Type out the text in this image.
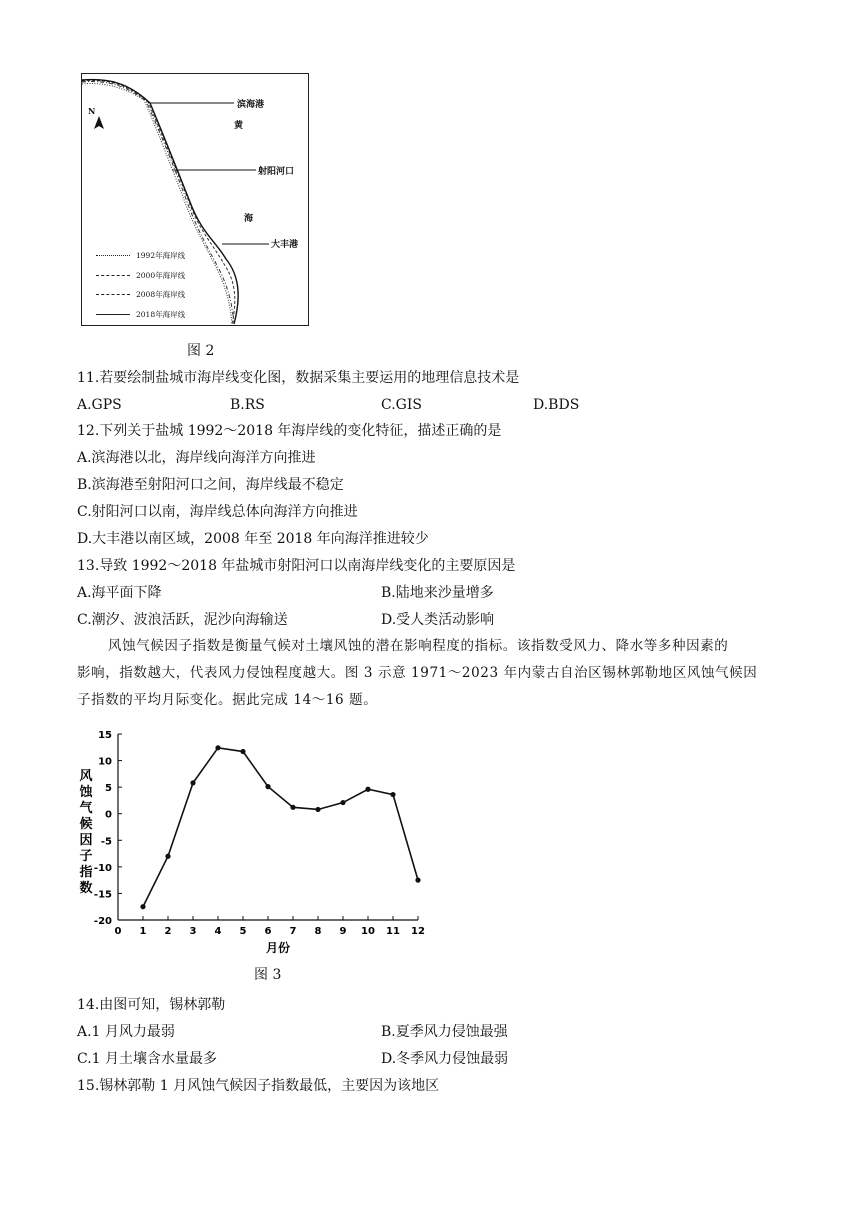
N
滨海港
黄
射阳河口
海
大丰港
1992年海岸线
2000年海岸线
2008年海岸线
2018年海岸线
图 2
11.若要绘制盐城市海岸线变化图，数据采集主要运用的地理信息技术是
A.GPS	B.RS	C.GIS	D.BDS
12.下列关于盐城 1992～2018 年海岸线的变化特征，描述正确的是
A.滨海港以北，海岸线向海洋方向推进
B.滨海港至射阳河口之间，海岸线最不稳定
C.射阳河口以南，海岸线总体向海洋方向推进
D.大丰港以南区域，2008 年至 2018 年向海洋推进较少
13.导致 1992～2018 年盐城市射阳河口以南海岸线变化的主要原因是
A.海平面下降	B.陆地来沙量增多
C.潮汐、波浪活跃，泥沙向海输送	D.受人类活动影响
风蚀气候因子指数是衡量气候对土壤风蚀的潜在影响程度的指标。该指数受风力、降水等多种因素的
影响，指数越大，代表风力侵蚀程度越大。图 3 示意 1971～2023 年内蒙古自治区锡林郭勒地区风蚀气候因
子指数的平均月际变化。据此完成 14～16 题。
15
10
5
0
-5
-10
-15
-20
0 1 2 3 4 5 6 7 8 9 10 11 12
月份
风
蚀
气
候
因
子
指
数
图 3
14.由图可知，锡林郭勒
A.1 月风力最弱	B.夏季风力侵蚀最强
C.1 月土壤含水量最多	D.冬季风力侵蚀最弱
15.锡林郭勒 1 月风蚀气候因子指数最低，主要因为该地区
